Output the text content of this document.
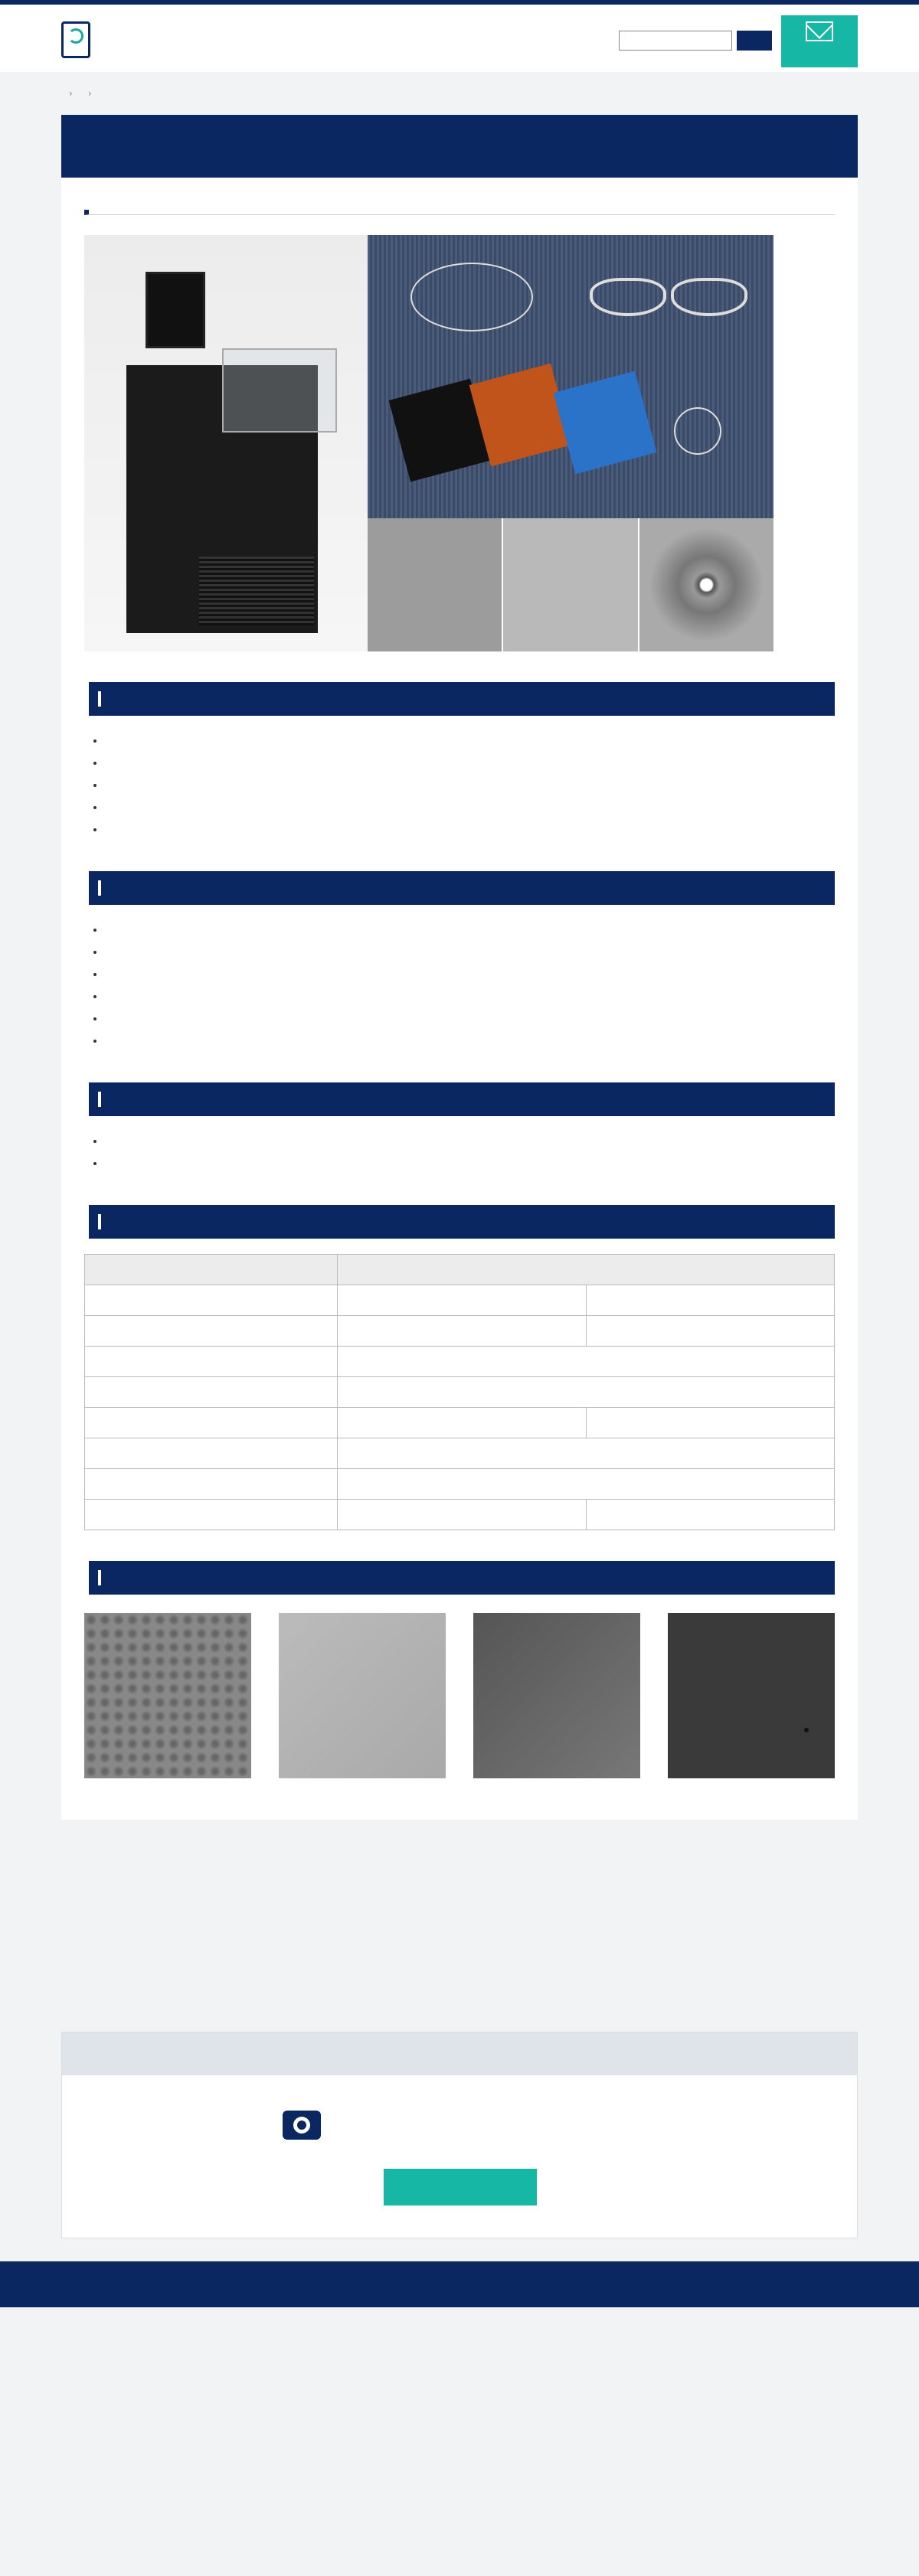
› ›
•
•
•
•
•
•
•
•
•
•
•
•
•
